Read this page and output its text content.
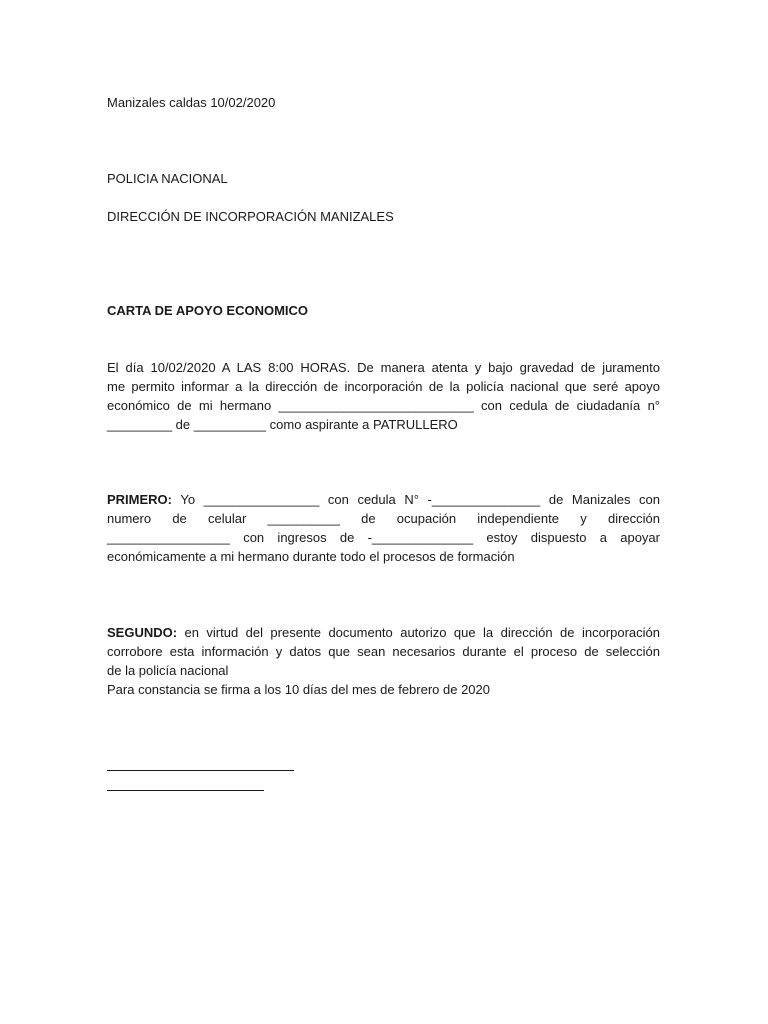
Manizales caldas 10/02/2020

POLICIA NACIONAL

DIRECCIÓN DE INCORPORACIÓN MANIZALES

CARTA DE APOYO ECONOMICO

El día 10/02/2020 A LAS 8:00 HORAS. De manera atenta y bajo gravedad de juramento
me permito informar a la dirección de incorporación de la policía nacional que seré apoyo
económico de mi hermano ___________________________ con cedula de ciudadanía n°
_________ de __________ como aspirante a PATRULLERO
PRIMERO: Yo ________________ con cedula N° -_______________ de Manizales con
numero de celular __________ de ocupación independiente y dirección
_________________ con ingresos de -______________ estoy dispuesto a apoyar
económicamente a mi hermano durante todo el procesos de formación
SEGUNDO: en virtud del presente documento autorizo que la dirección de incorporación
corrobore esta información y datos que sean necesarios durante el proceso de selección
de la policía nacional

Para constancia se firma a los 10 días del mes de febrero de 2020
